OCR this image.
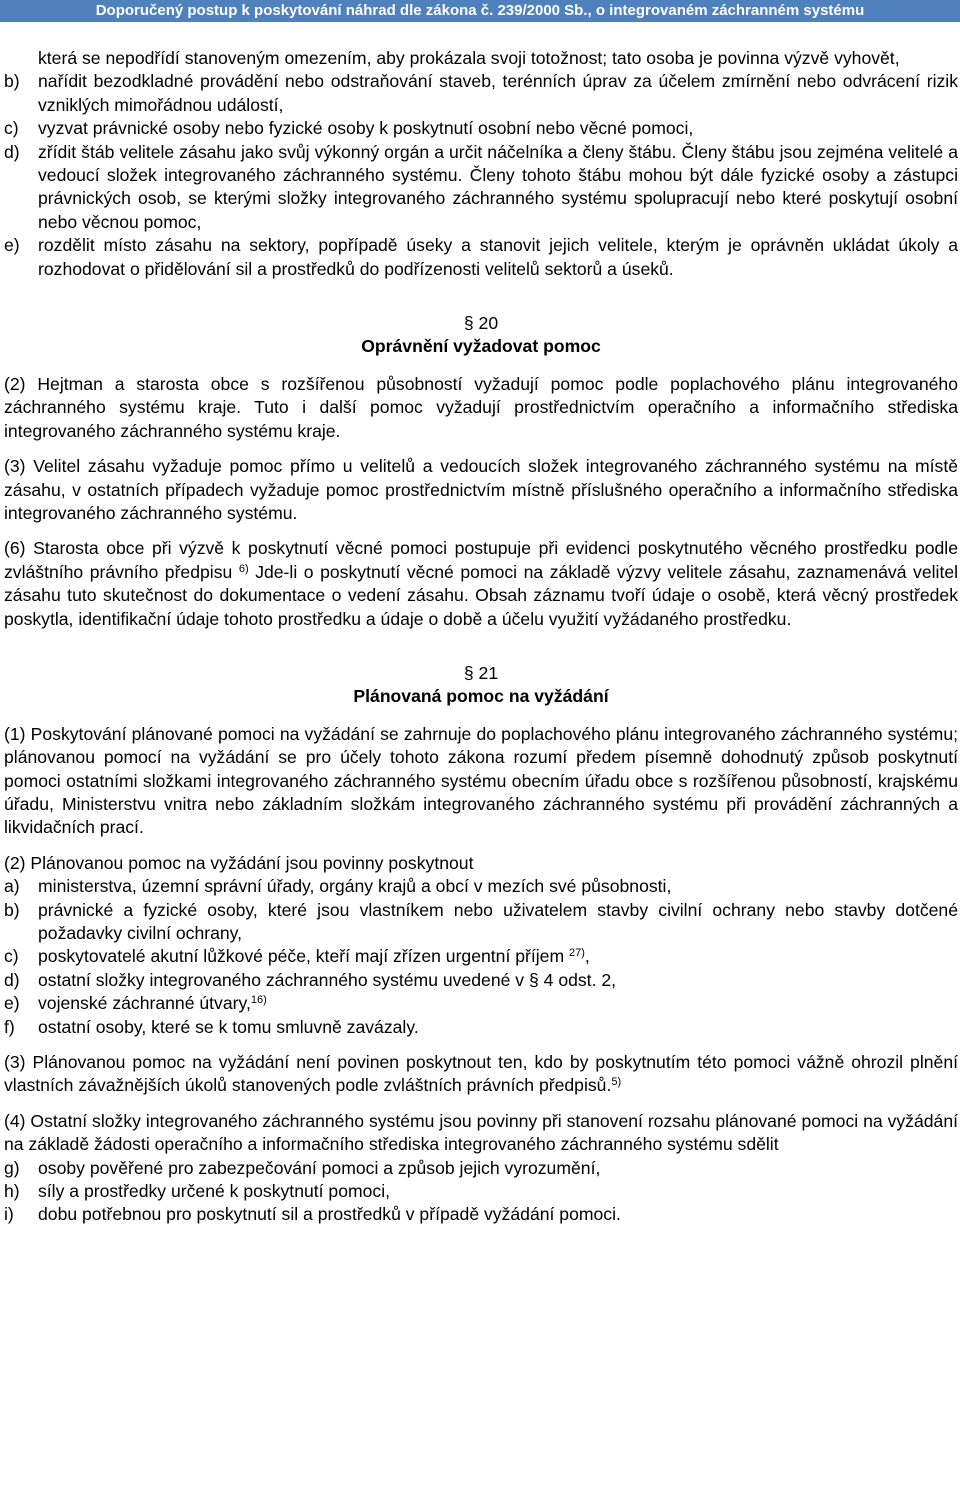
Doporučený postup k poskytování náhrad dle zákona č. 239/2000 Sb., o integrovaném záchranném systému

která se nepodřídí stanoveným omezením, aby prokázala svoji totožnost; tato osoba je povinna výzvě vyhovět,

b)	nařídit bezodkladné provádění nebo odstraňování staveb, terénních úprav za účelem zmírnění nebo odvrácení rizik vzniklých mimořádnou událostí,
c)	vyzvat právnické osoby nebo fyzické osoby k poskytnutí osobní nebo věcné pomoci,
d)	zřídit štáb velitele zásahu jako svůj výkonný orgán a určit náčelníka a členy štábu. Členy štábu jsou zejména velitelé a vedoucí složek integrovaného záchranného systému. Členy tohoto štábu mohou být dále fyzické osoby a zástupci právnických osob, se kterými složky integrovaného záchranného systému spolupracují nebo které poskytují osobní nebo věcnou pomoc,
e)	rozdělit místo zásahu na sektory, popřípadě úseky a stanovit jejich velitele, kterým je oprávněn ukládat úkoly a rozhodovat o přidělování sil a prostředků do podřízenosti velitelů sektorů a úseků.
§ 20
Oprávnění vyžadovat pomoc

(2) Hejtman a starosta obce s rozšířenou působností vyžadují pomoc podle poplachového plánu integrovaného záchranného systému kraje. Tuto i další pomoc vyžadují prostřednictvím operačního a informačního střediska integrovaného záchranného systému kraje.

(3) Velitel zásahu vyžaduje pomoc přímo u velitelů a vedoucích složek integrovaného záchranného systému na místě zásahu, v ostatních případech vyžaduje pomoc prostřednictvím místně příslušného operačního a informačního střediska integrovaného záchranného systému.

(6) Starosta obce při výzvě k poskytnutí věcné pomoci postupuje při evidenci poskytnutého věcného prostředku podle zvláštního právního předpisu $^{6)}$ Jde-li o poskytnutí věcné pomoci na základě výzvy velitele zásahu, zaznamenává velitel zásahu tuto skutečnost do dokumentace o vedení zásahu. Obsah záznamu tvoří údaje o osobě, která věcný prostředek poskytla, identifikační údaje tohoto prostředku a údaje o době a účelu využití vyžádaného prostředku.

§ 21
Plánovaná pomoc na vyžádání

(1) Poskytování plánované pomoci na vyžádání se zahrnuje do poplachového plánu integrovaného záchranného systému; plánovanou pomocí na vyžádání se pro účely tohoto zákona rozumí předem písemně dohodnutý způsob poskytnutí pomoci ostatními složkami integrovaného záchranného systému obecním úřadu obce s rozšířenou působností, krajskému úřadu, Ministerstvu vnitra nebo základním složkám integrovaného záchranného systému při provádění záchranných a likvidačních prací.

(2) Plánovanou pomoc na vyžádání jsou povinny poskytnout

a)	ministerstva, územní správní úřady, orgány krajů a obcí v mezích své působnosti,
b)	právnické a fyzické osoby, které jsou vlastníkem nebo uživatelem stavby civilní ochrany nebo stavby dotčené požadavky civilní ochrany,
c)	poskytovatelé akutní lůžkové péče, kteří mají zřízen urgentní příjem $^{27)}$,
d)	ostatní složky integrovaného záchranného systému uvedené v § 4 odst. 2,
e)	vojenské záchranné útvary,$^{16)}$
f)	ostatní osoby, které se k tomu smluvně zavázaly.

(3) Plánovanou pomoc na vyžádání není povinen poskytnout ten, kdo by poskytnutím této pomoci vážně ohrozil plnění vlastních závažnějších úkolů stanovených podle zvláštních právních předpisů.$^{5)}$

(4) Ostatní složky integrovaného záchranného systému jsou povinny při stanovení rozsahu plánované pomoci na vyžádání na základě žádosti operačního a informačního střediska integrovaného záchranného systému sdělit

g)	osoby pověřené pro zabezpečování pomoci a způsob jejich vyrozumění,
h)	síly a prostředky určené k poskytnutí pomoci,
i)	dobu potřebnou pro poskytnutí sil a prostředků v případě vyžádání pomoci.
